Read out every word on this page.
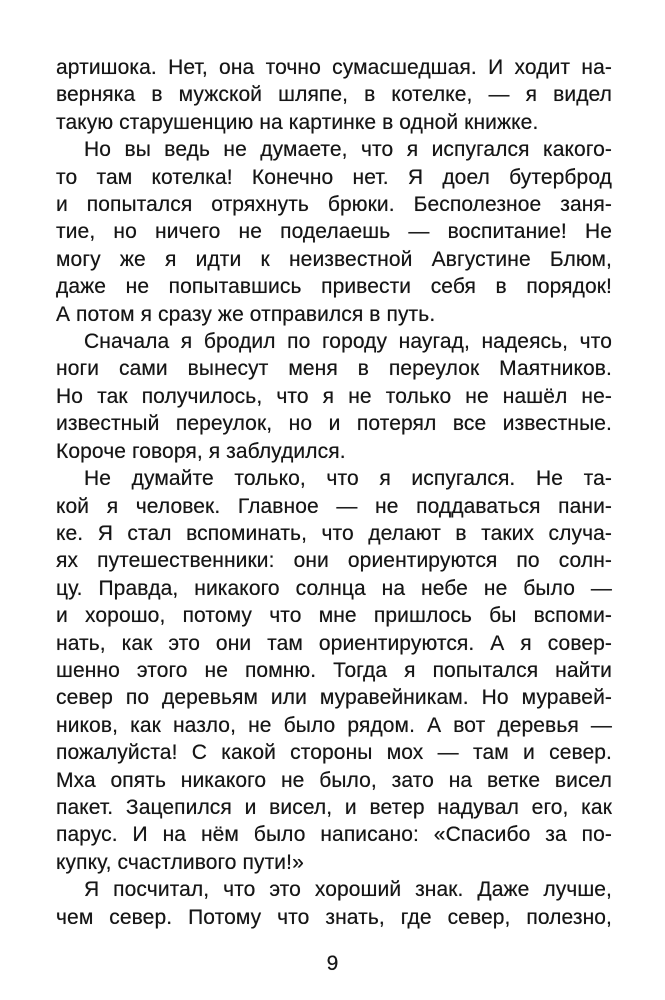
артишока. Нет, она точно сумасшедшая. И ходит на-
верняка в мужской шляпе, в котелке, — я видел
такую старушенцию на картинке в одной книжке.
Но вы ведь не думаете, что я испугался какого-
то там котелка! Конечно нет. Я доел бутерброд
и попытался отряхнуть брюки. Бесполезное заня-
тие, но ничего не поделаешь — воспитание! Не
могу же я идти к неизвестной Августине Блюм,
даже не попытавшись привести себя в порядок!
А потом я сразу же отправился в путь.
Сначала я бродил по городу наугад, надеясь, что
ноги сами вынесут меня в переулок Маятников.
Но так получилось, что я не только не нашёл не-
известный переулок, но и потерял все известные.
Короче говоря, я заблудился.
Не думайте только, что я испугался. Не та-
кой я человек. Главное — не поддаваться пани-
ке. Я стал вспоминать, что делают в таких случа-
ях путешественники: они ориентируются по солн-
цу. Правда, никакого солнца на небе не было —
и хорошо, потому что мне пришлось бы вспоми-
нать, как это они там ориентируются. А я совер-
шенно этого не помню. Тогда я попытался найти
север по деревьям или муравейникам. Но муравей-
ников, как назло, не было рядом. А вот деревья —
пожалуйста! С какой стороны мох — там и север.
Мха опять никакого не было, зато на ветке висел
пакет. Зацепился и висел, и ветер надувал его, как
парус. И на нём было написано: «Спасибо за по-
купку, счастливого пути!»
Я посчитал, что это хороший знак. Даже лучше,
чем север. Потому что знать, где север, полезно,
9
